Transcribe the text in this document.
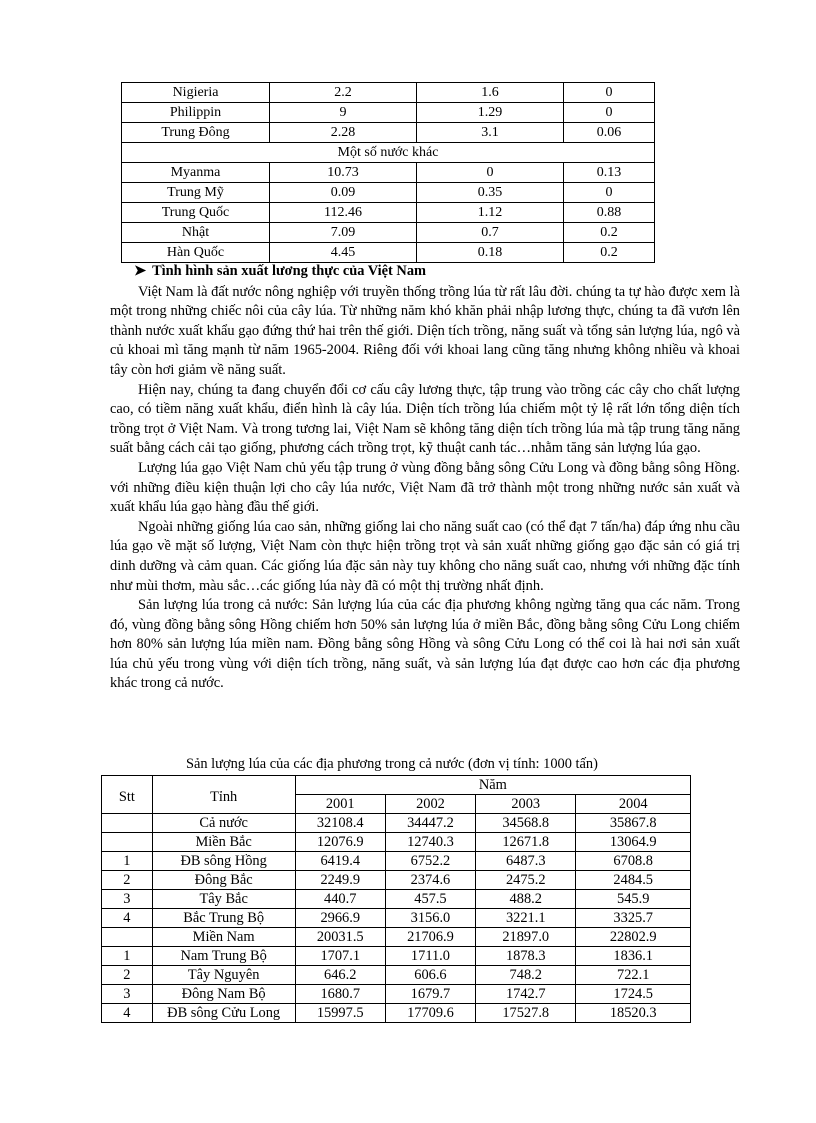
Nigieria	2.2	1.6	0
Philippin	9	1.29	0
Trung Đông	2.28	3.1	0.06
Một số nước khác			
Myanma	10.73	0	0.13
Trung Mỹ	0.09	0.35	0
Trung Quốc	112.46	1.12	0.88
Nhật	7.09	0.7	0.2
Hàn Quốc	4.45	0.18	0.2
➤ Tình hình sản xuất lương thực của Việt Nam

Việt Nam là đất nước nông nghiệp với truyền thống trồng lúa từ rất lâu đời. chúng ta tự hào được xem là một trong những chiếc nôi của cây lúa. Từ những năm khó khăn phải nhập lương thực, chúng ta đã vươn lên thành nước xuất khẩu gạo đứng thứ hai trên thế giới. Diện tích trồng, năng suất và tổng sản lượng lúa, ngô và củ khoai mì tăng mạnh từ năm 1965-2004. Riêng đối với khoai lang cũng tăng nhưng không nhiều và khoai tây còn hơi giảm về năng suất.

Hiện nay, chúng ta đang chuyển đổi cơ cấu cây lương thực, tập trung vào trồng các cây cho chất lượng cao, có tiềm năng xuất khẩu, điển hình là cây lúa. Diện tích trồng lúa chiếm một tỷ lệ rất lớn tổng diện tích trồng trọt ở Việt Nam. Và trong tương lai, Việt Nam sẽ không tăng diện tích trồng lúa mà tập trung tăng năng suất bằng cách cải tạo giống, phương cách trồng trọt, kỹ thuật canh tác…nhằm tăng sản lượng lúa gạo.

Lượng lúa gạo Việt Nam chủ yếu tập trung ở vùng đồng bằng sông Cửu Long và đồng bằng sông Hồng. với những điều kiện thuận lợi cho cây lúa nước, Việt Nam đã trở thành một trong những nước sản xuất và xuất khẩu lúa gạo hàng đầu thế giới.

Ngoài những giống lúa cao sản, những giống lai cho năng suất cao (có thể đạt 7 tấn/ha) đáp ứng nhu cầu lúa gạo về mặt số lượng, Việt Nam còn thực hiện trồng trọt và sản xuất những giống gạo đặc sản có giá trị dinh dưỡng và cảm quan. Các giống lúa đặc sản này tuy không cho năng suất cao, nhưng với những đặc tính như mùi thơm, màu sắc…các giống lúa này đã có một thị trường nhất định.

Sản lượng lúa trong cả nước: Sản lượng lúa của các địa phương không ngừng tăng qua các năm. Trong đó, vùng đồng bằng sông Hồng chiếm hơn 50% sản lượng lúa ở miền Bắc, đồng bằng sông Cửu Long chiếm hơn 80% sản lượng lúa miền nam. Đồng bằng sông Hồng và sông Cửu Long có thể coi là hai nơi sản xuất lúa chủ yếu trong vùng với diện tích trồng, năng suất, và sản lượng lúa đạt được cao hơn các địa phương khác trong cả nước.

Sản lượng lúa của các địa phương trong cả nước (đơn vị tính: 1000 tấn)
Stt	Tỉnh	Năm			
		2001	2002	2003	2004
	Cả nước	32108.4	34447.2	34568.8	35867.8
	Miền Bắc	12076.9	12740.3	12671.8	13064.9
1	ĐB sông Hồng	6419.4	6752.2	6487.3	6708.8
2	Đông Bắc	2249.9	2374.6	2475.2	2484.5
3	Tây Bắc	440.7	457.5	488.2	545.9
4	Bắc Trung Bộ	2966.9	3156.0	3221.1	3325.7
	Miền Nam	20031.5	21706.9	21897.0	22802.9
1	Nam Trung Bộ	1707.1	1711.0	1878.3	1836.1
2	Tây Nguyên	646.2	606.6	748.2	722.1
3	Đông Nam Bộ	1680.7	1679.7	1742.7	1724.5
4	ĐB sông Cửu Long	15997.5	17709.6	17527.8	18520.3
